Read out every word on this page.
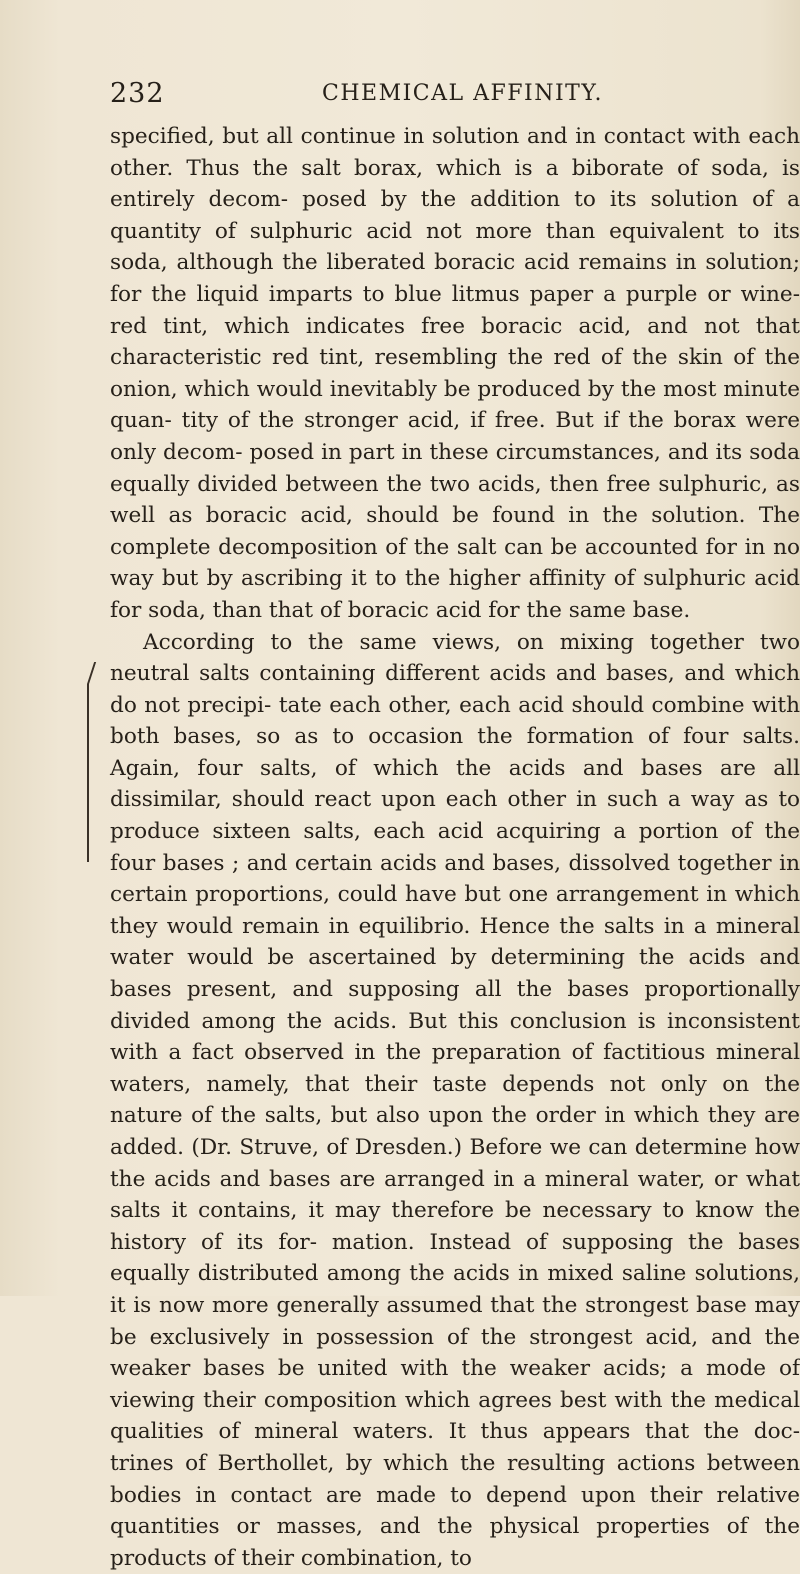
232	CHEMICAL AFFINITY.

specified, but all continue in solution and in contact with each other. Thus the salt borax, which is a biborate of soda, is entirely decom- posed by the addition to its solution of a quantity of sulphuric acid not more than equivalent to its soda, although the liberated boracic acid remains in solution; for the liquid imparts to blue litmus paper a purple or wine-red tint, which indicates free boracic acid, and not that characteristic red tint, resembling the red of the skin of the onion, which would inevitably be produced by the most minute quan- tity of the stronger acid, if free. But if the borax were only decom- posed in part in these circumstances, and its soda equally divided between the two acids, then free sulphuric, as well as boracic acid, should be found in the solution. The complete decomposition of the salt can be accounted for in no way but by ascribing it to the higher affinity of sulphuric acid for soda, than that of boracic acid for the same base.

According to the same views, on mixing together two neutral salts containing different acids and bases, and which do not precipi- tate each other, each acid should combine with both bases, so as to occasion the formation of four salts. Again, four salts, of which the acids and bases are all dissimilar, should react upon each other in such a way as to produce sixteen salts, each acid acquiring a portion of the four bases ; and certain acids and bases, dissolved together in certain proportions, could have but one arrangement in which they would remain in equilibrio. Hence the salts in a mineral water would be ascertained by determining the acids and bases present, and supposing all the bases proportionally divided among the acids. But this conclusion is inconsistent with a fact observed in the preparation of factitious mineral waters, namely, that their taste depends not only on the nature of the salts, but also upon the order in which they are added. (Dr. Struve, of Dresden.) Before we can determine how the acids and bases are arranged in a mineral water, or what salts it contains, it may therefore be necessary to know the history of its for- mation. Instead of supposing the bases equally distributed among the acids in mixed saline solutions, it is now more generally assumed that the strongest base may be exclusively in possession of the strongest acid, and the weaker bases be united with the weaker acids; a mode of viewing their composition which agrees best with the medical qualities of mineral waters. It thus appears that the doc- trines of Berthollet, by which the resulting actions between bodies in contact are made to depend upon their relative quantities or masses, and the physical properties of the products of their combination, to
